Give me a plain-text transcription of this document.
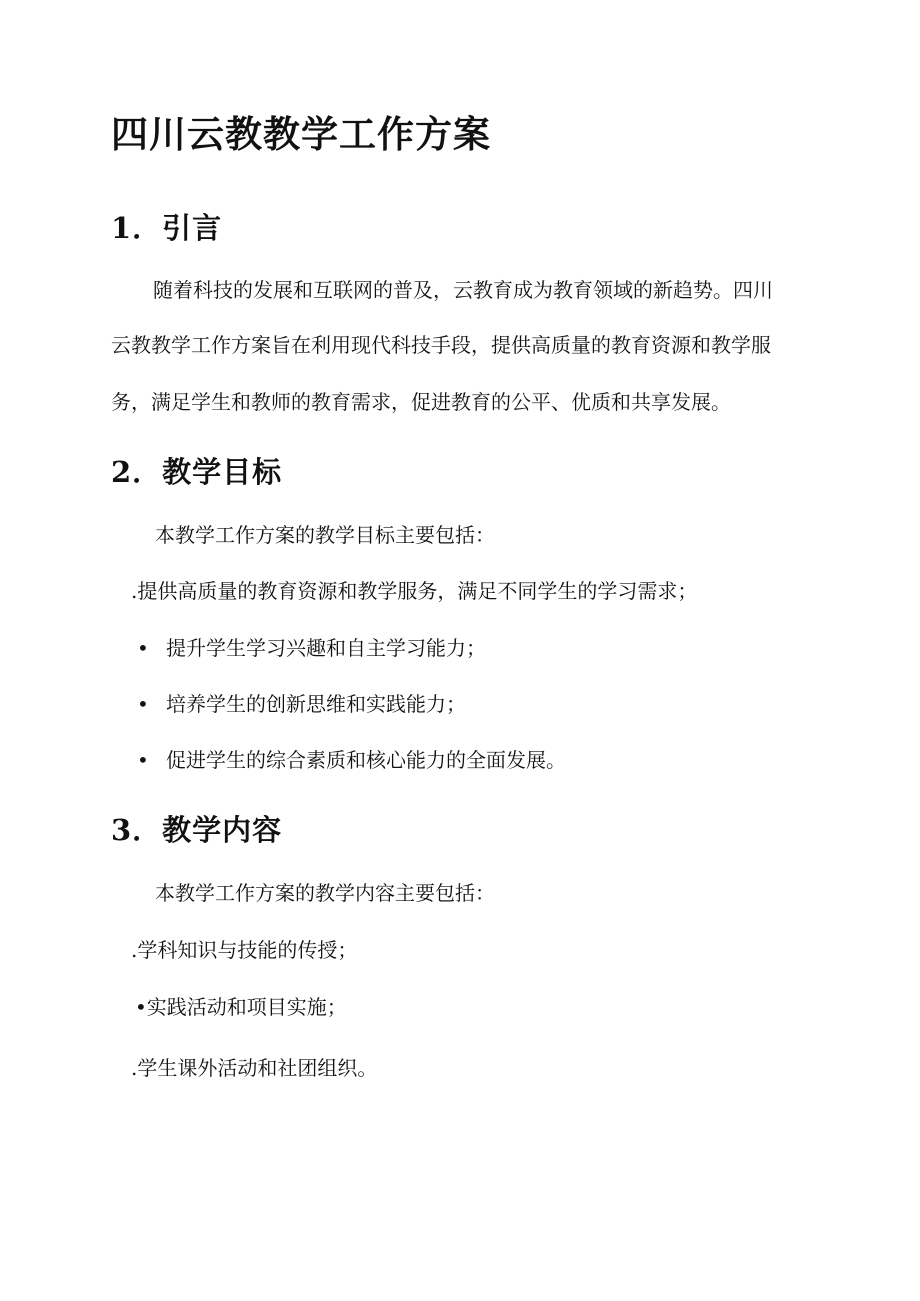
四川云教教学工作方案
1．引言

随着科技的发展和互联网的普及，云教育成为教育领域的新趋势。四川

云教教学工作方案旨在利用现代科技手段，提供高质量的教育资源和教学服

务，满足学生和教师的教育需求，促进教育的公平、优质和共享发展。

2．教学目标

本教学工作方案的教学目标主要包括：

.提供高质量的教育资源和教学服务，满足不同学生的学习需求；

• 提升学生学习兴趣和自主学习能力；

• 培养学生的创新思维和实践能力；

• 促进学生的综合素质和核心能力的全面发展。

3．教学内容

本教学工作方案的教学内容主要包括：

.学科知识与技能的传授；

•实践活动和项目实施；

.学生课外活动和社团组织。
